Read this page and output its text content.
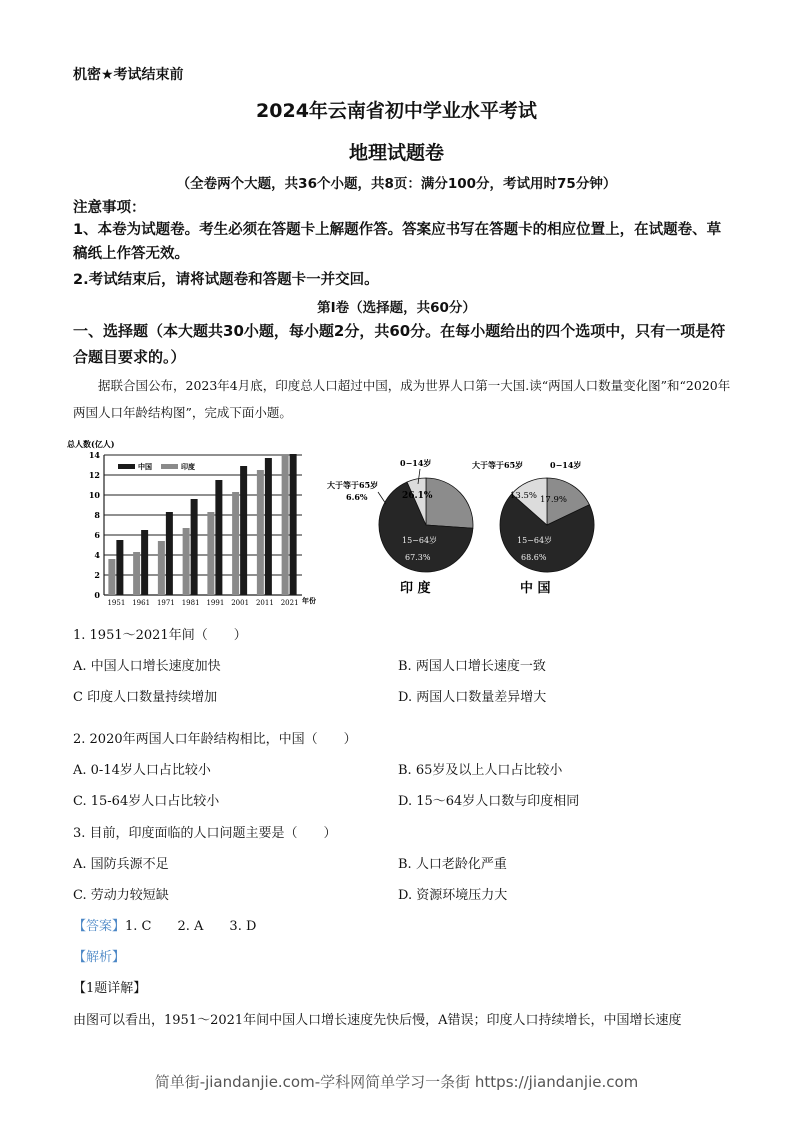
机密★考试结束前
2024年云南省初中学业水平考试
地理试题卷
（全卷两个大题，共36个小题，共8页：满分100分，考试用时75分钟）
注意事项：
1、本卷为试题卷。考生必须在答题卡上解题作答。答案应书写在答题卡的相应位置上，在试题卷、草稿纸上作答无效。
2.考试结束后，请将试题卷和答题卡一并交回。
第Ⅰ卷（选择题，共60分）
一、选择题（本大题共30小题，每小题2分，共60分。在每小题给出的四个选项中，只有一项是符合题目要求的。）
据联合国公布，2023年4月底，印度总人口超过中国，成为世界人口第一大国.读“两国人口数量变化图”和“2020年两国人口年龄结构图”，完成下面小题。
总人数(亿人)
0
2
4
6
8
10
12
14
1951 1961 1971 1981 1991 2001 2011 2021 年份
中国	印度	0−14岁
26.1%
大于等于65岁
6.6%
15−64岁
67.3%
印 度
大于等于65岁	0−14岁
13.5% 17.9%
15−64岁
68.6%
中 国
1. 1951～2021年间（　　）
A. 中国人口增长速度加快	B. 两国人口增长速度一致
C 印度人口数量持续增加	D. 两国人口数量差异增大
2. 2020年两国人口年龄结构相比，中国（　　）
A. 0-14岁人口占比较小	B. 65岁及以上人口占比较小
C. 15-64岁人口占比较小	D. 15～64岁人口数与印度相同
3. 目前，印度面临的人口问题主要是（　　）
A. 国防兵源不足	B. 人口老龄化严重
C. 劳动力较短缺	D. 资源环境压力大
【答案】1. C　　2. A　　3. D
【解析】
【1题详解】
由图可以看出，1951～2021年间中国人口增长速度先快后慢，A错误；印度人口持续增长，中国增长速度
简单街-jiandanjie.com-学科网简单学习一条街 https://jiandanjie.com
